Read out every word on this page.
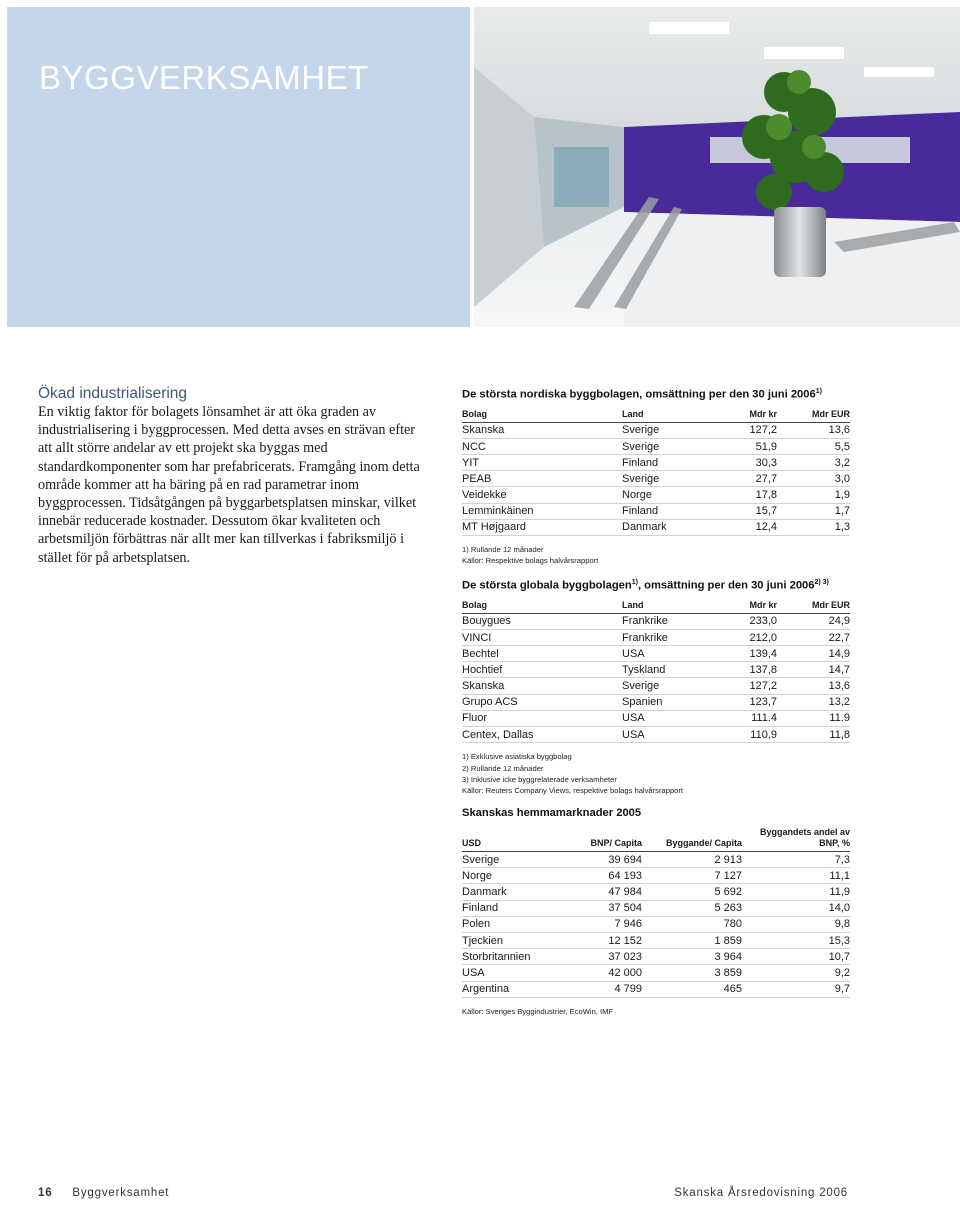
BYGGVERKSAMHET
Ökad industrialisering

En viktig faktor för bolagets lönsamhet är att öka graden av industrialisering i byggprocessen. Med detta avses en strävan efter att allt större andelar av ett projekt ska byggas med standardkomponenter som har prefabricerats. Framgång inom detta område kommer att ha bäring på en rad parametrar inom byggprocessen. Tidsåtgången på byggarbetsplatsen minskar, vilket innebär reducerade kostnader. Dessutom ökar kvaliteten och arbetsmiljön förbättras när allt mer kan tillverkas i fabriksmiljö i stället för på arbetsplatsen.

De största nordiska byggbolagen, omsättning per den 30 juni 2006$^{1)}$
Bolag	Land	Mdr kr	Mdr EUR
Skanska	Sverige	127,2	13,6
NCC	Sverige	51,9	5,5
YIT	Finland	30,3	3,2
PEAB	Sverige	27,7	3,0
Veidekke	Norge	17,8	1,9
Lemminkäinen	Finland	15,7	1,7
MT Højgaard	Danmark	12,4	1,3
1) Rullande 12 månader
Källor: Respektive bolags halvårsrapport
De största globala byggbolagen$^{1)}$, omsättning per den 30 juni $2006^{2) 3)}$
Bolag	Land	Mdr kr	Mdr EUR
Bouygues	Frankrike	233,0	24,9
VINCI	Frankrike	212,0	22,7
Bechtel	USA	139,4	14,9
Hochtief	Tyskland	137,8	14,7
Skanska	Sverige	127,2	13,6
Grupo ACS	Spanien	123,7	13,2
Fluor	USA	111.4	11.9
Centex, Dallas	USA	110,9	11,8
1) Exklusive asiatiska byggbolag
2) Rullande 12 månader
3) Inklusive icke byggrelaterade verksamheter
Källor: Reuters Company Views, respektive bolags halvårsrapport
Skanskas hemmamarknader 2005
USD	BNP/ Capita	Byggande/ Capita	Byggandets andel av BNP, %
Sverige	39 694	2 913	7,3
Norge	64 193	7 127	11,1
Danmark	47 984	5 692	11,9
Finland	37 504	5 263	14,0
Polen	7 946	780	9,8
Tjeckien	12 152	1 859	15,3
Storbritannien	37 023	3 964	10,7
USA	42 000	3 859	9,2
Argentina	4 799	465	9,7
Källor: Sveriges Byggindustrier, EcoWin, IMF
16 Byggverksamhet	Skanska Årsredovisning 2006
